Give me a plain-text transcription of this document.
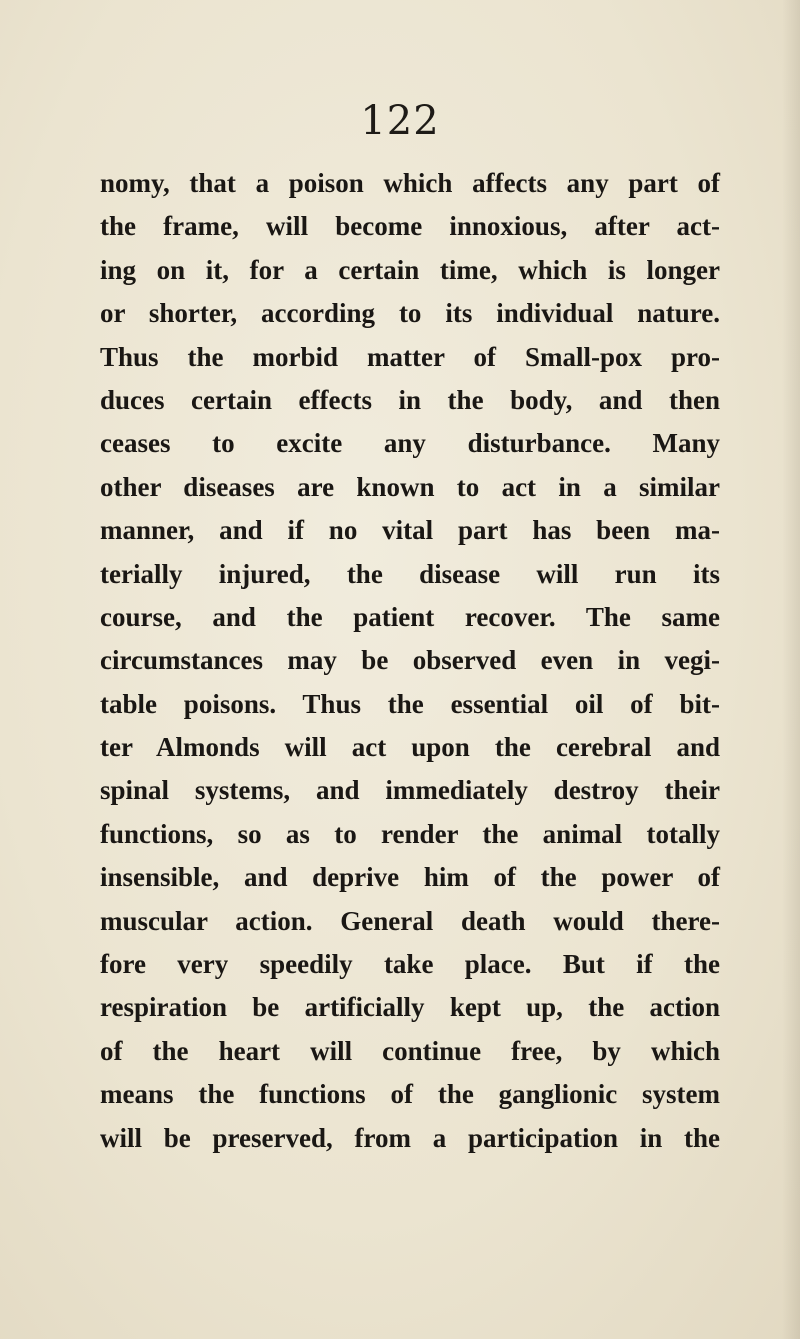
122
nomy, that a poison which affects any part of
the frame, will become innoxious, after act-
ing on it, for a certain time, which is longer
or shorter, according to its individual nature.
Thus the morbid matter of Small-pox pro-
duces certain effects in the body, and then
ceases to excite any disturbance. Many
other diseases are known to act in a similar
manner, and if no vital part has been ma-
terially injured, the disease will run its
course, and the patient recover. The same
circumstances may be observed even in vegi-
table poisons. Thus the essential oil of bit-
ter Almonds will act upon the cerebral and
spinal systems, and immediately destroy their
functions, so as to render the animal totally
insensible, and deprive him of the power of
muscular action. General death would there-
fore very speedily take place. But if the
respiration be artificially kept up, the action
of the heart will continue free, by which
means the functions of the ganglionic system
will be preserved, from a participation in the
